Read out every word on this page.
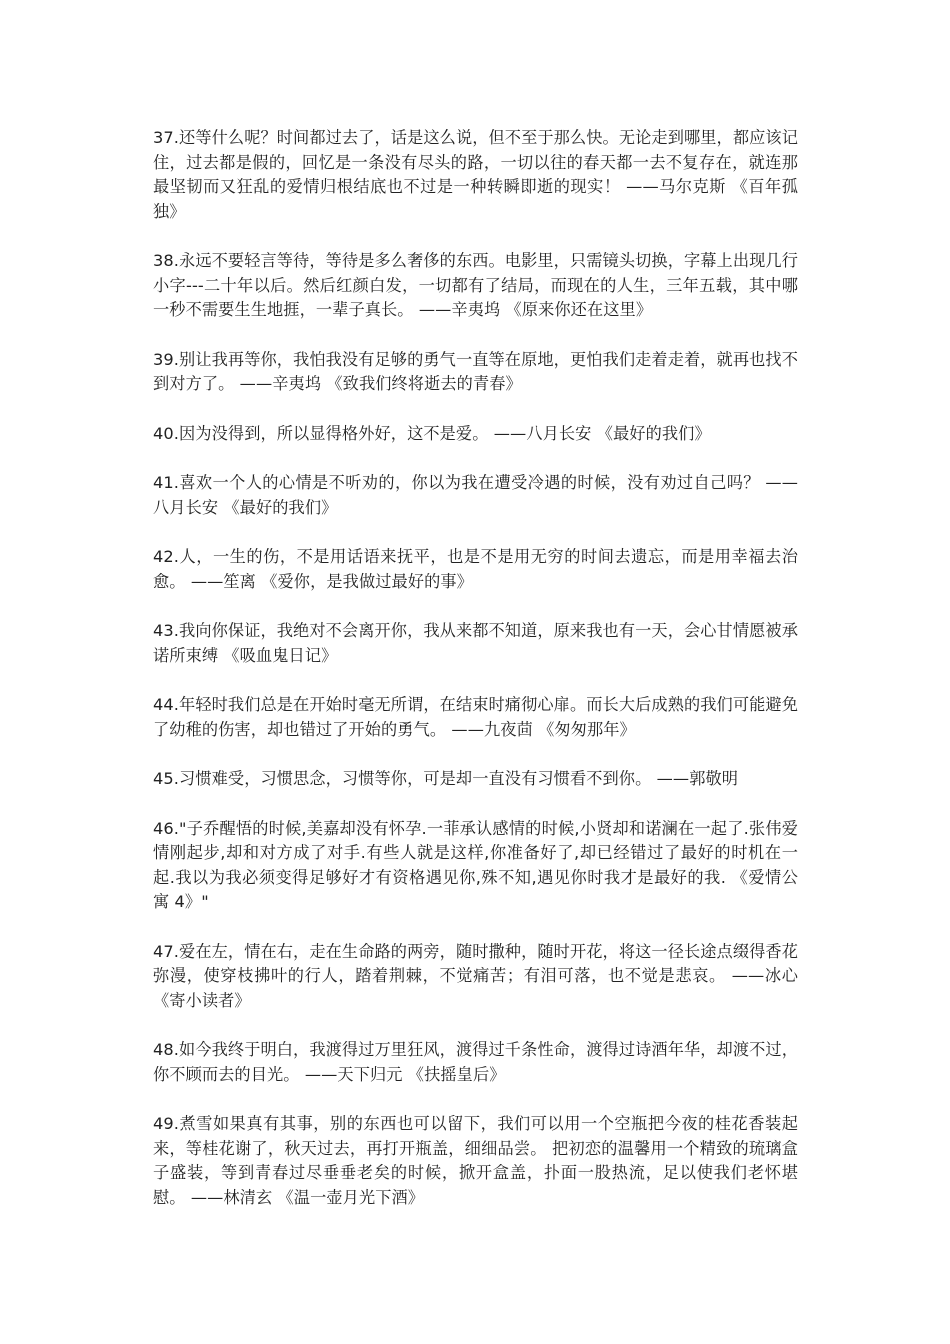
37.还等什么呢？时间都过去了，话是这么说，但不至于那么快。无论走到哪里，都应该记住，过去都是假的，回忆是一条没有尽头的路，一切以往的春天都一去不复存在，就连那最坚韧而又狂乱的爱情归根结底也不过是一种转瞬即逝的现实！ ——马尔克斯 《百年孤独》

38.永远不要轻言等待，等待是多么奢侈的东西。电影里，只需镜头切换，字幕上出现几行小字---二十年以后。然后红颜白发，一切都有了结局，而现在的人生，三年五载，其中哪一秒不需要生生地捱，一辈子真长。 ——辛夷坞 《原来你还在这里》

39.别让我再等你，我怕我没有足够的勇气一直等在原地，更怕我们走着走着，就再也找不到对方了。 ——辛夷坞 《致我们终将逝去的青春》

40.因为没得到，所以显得格外好，这不是爱。 ——八月长安 《最好的我们》

41.喜欢一个人的心情是不听劝的，你以为我在遭受冷遇的时候，没有劝过自己吗？ ——八月长安 《最好的我们》

42.人，一生的伤，不是用话语来抚平，也是不是用无穷的时间去遗忘，而是用幸福去治愈。 ——笙离 《爱你，是我做过最好的事》

43.我向你保证，我绝对不会离开你，我从来都不知道，原来我也有一天，会心甘情愿被承诺所束缚 《吸血鬼日记》

44.年轻时我们总是在开始时毫无所谓，在结束时痛彻心扉。而长大后成熟的我们可能避免了幼稚的伤害，却也错过了开始的勇气。 ——九夜茴 《匆匆那年》

45.习惯难受，习惯思念，习惯等你，可是却一直没有习惯看不到你。 ——郭敬明

46."子乔醒悟的时候,美嘉却没有怀孕.一菲承认感情的时候,小贤却和诺澜在一起了.张伟爱情刚起步,却和对方成了对手.有些人就是这样,你准备好了,却已经错过了最好的时机在一起.我以为我必须变得足够好才有资格遇见你,殊不知,遇见你时我才是最好的我. 《爱情公寓 4》"

47.爱在左，情在右，走在生命路的两旁，随时撒种，随时开花，将这一径长途点缀得香花弥漫，使穿枝拂叶的行人，踏着荆棘，不觉痛苦；有泪可落，也不觉是悲哀。 ——冰心 《寄小读者》

48.如今我终于明白，我渡得过万里狂风，渡得过千条性命，渡得过诗酒年华，却渡不过，你不顾而去的目光。 ——天下归元 《扶摇皇后》

49.煮雪如果真有其事，别的东西也可以留下，我们可以用一个空瓶把今夜的桂花香装起来，等桂花谢了，秋天过去，再打开瓶盖，细细品尝。 把初恋的温馨用一个精致的琉璃盒子盛装，等到青春过尽垂垂老矣的时候，掀开盒盖，扑面一股热流，足以使我们老怀堪慰。 ——林清玄 《温一壶月光下酒》
